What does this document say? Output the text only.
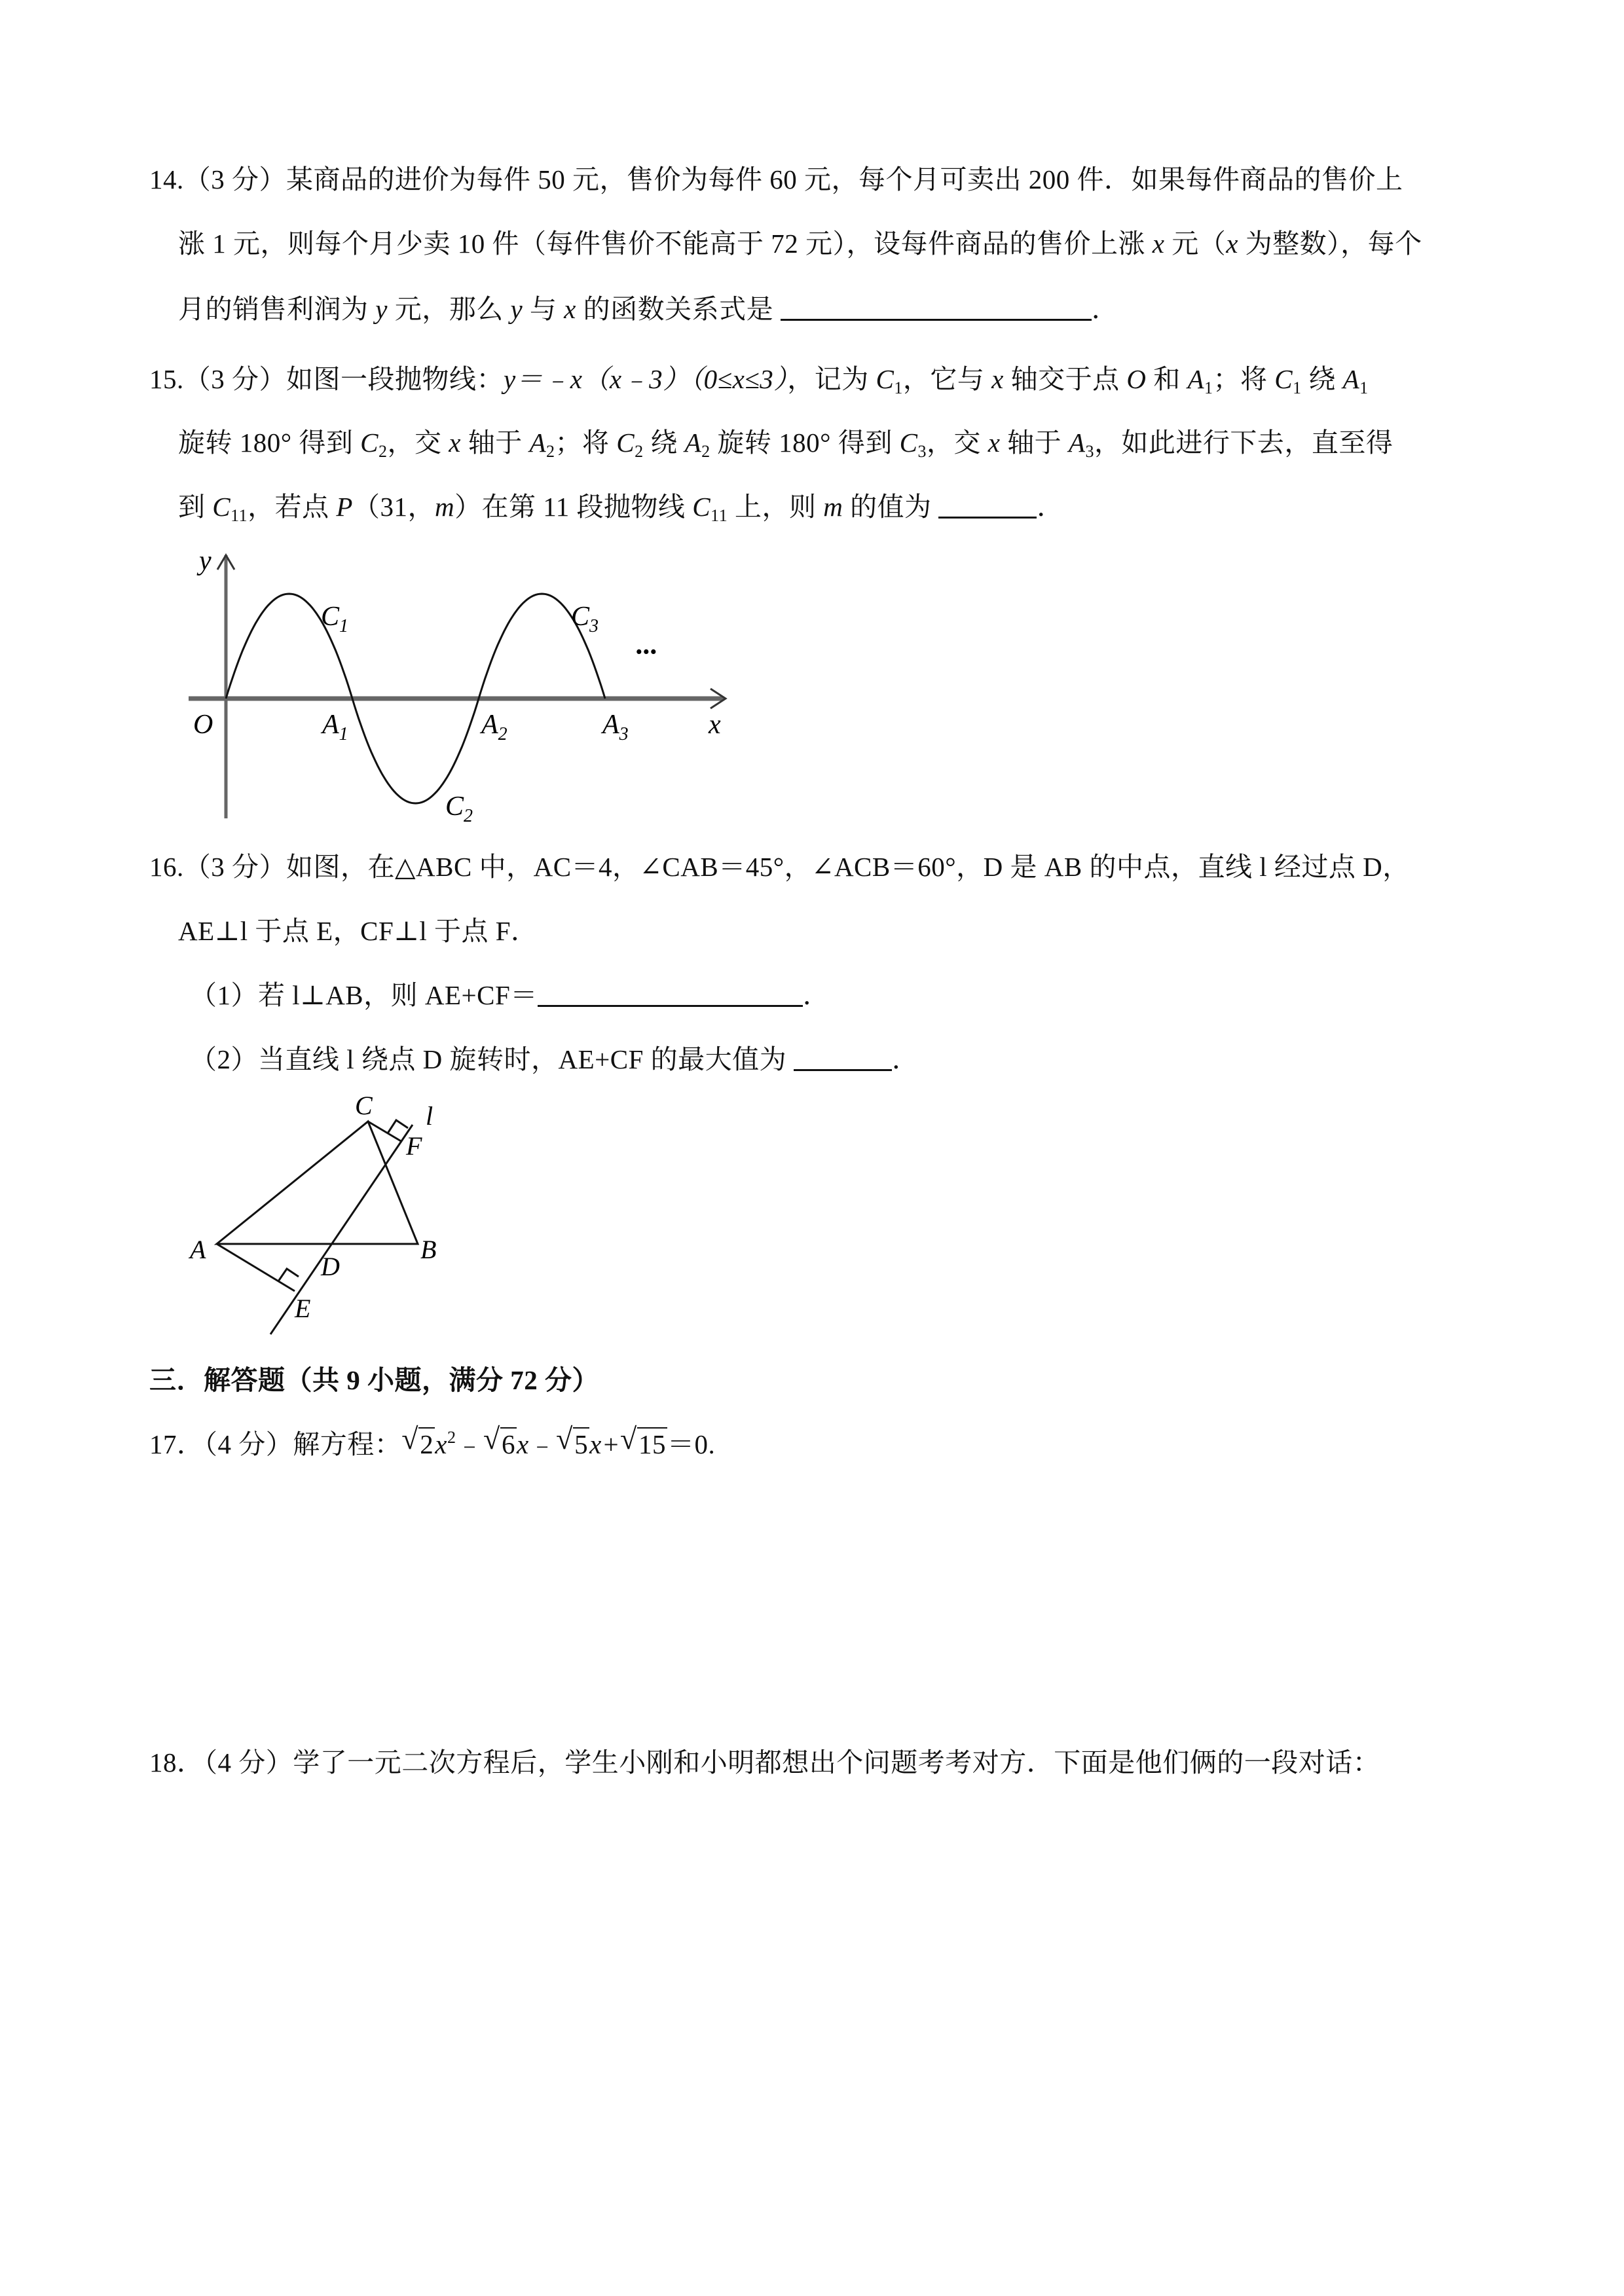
14.（3 分）某商品的进价为每件 50 元，售价为每件 60 元，每个月可卖出 200 件．如果每件商品的售价上
涨 1 元，则每个月少卖 10 件（每件售价不能高于 72 元），设每件商品的售价上涨 x 元（x 为整数），每个
月的销售利润为 y 元，那么 y 与 x 的函数关系式是	．
15.（3 分）如图一段抛物线：y＝﹣x（x﹣3）（0≤x≤3），记为 $C_1$，它与 x 轴交于点 O 和 $A_1$；将 $C_1$ 绕 $A_1$
旋转 180° 得到 $C_2$，交 x 轴于 $A_2$；将 $C_2$ 绕 $A_2$ 旋转 180° 得到 $C_3$，交 x 轴于 $A_3$，如此进行下去，直至得
到 $C_{11}$，若点 P（31，m）在第 11 段抛物线 $C_{11}$ 上，则 m 的值为	．
y
x
O
$C_1$
$C_2$
$C_3$
$A_1$	$A_2$	$A_3$
···
16.（3 分）如图，在△ABC 中，AC＝4，∠CAB＝45°，∠ACB＝60°，D 是 AB 的中点，直线 l 经过点 D，
AE⊥l 于点 E，CF⊥l 于点 F．
（1）若 l⊥AB，则 AE+CF＝	．
（2）当直线 l 绕点 D 旋转时，AE+CF 的最大值为	．
A	B
C
D
E
F
l
三．解答题（共 9 小题，满分 72 分）
17．（4 分）解方程： √ $2x^2﹣$ √ 6x﹣ √ 5x+ √ 15＝0.
18．（4 分）学了一元二次方程后，学生小刚和小明都想出个问题考考对方．下面是他们俩的一段对话：
